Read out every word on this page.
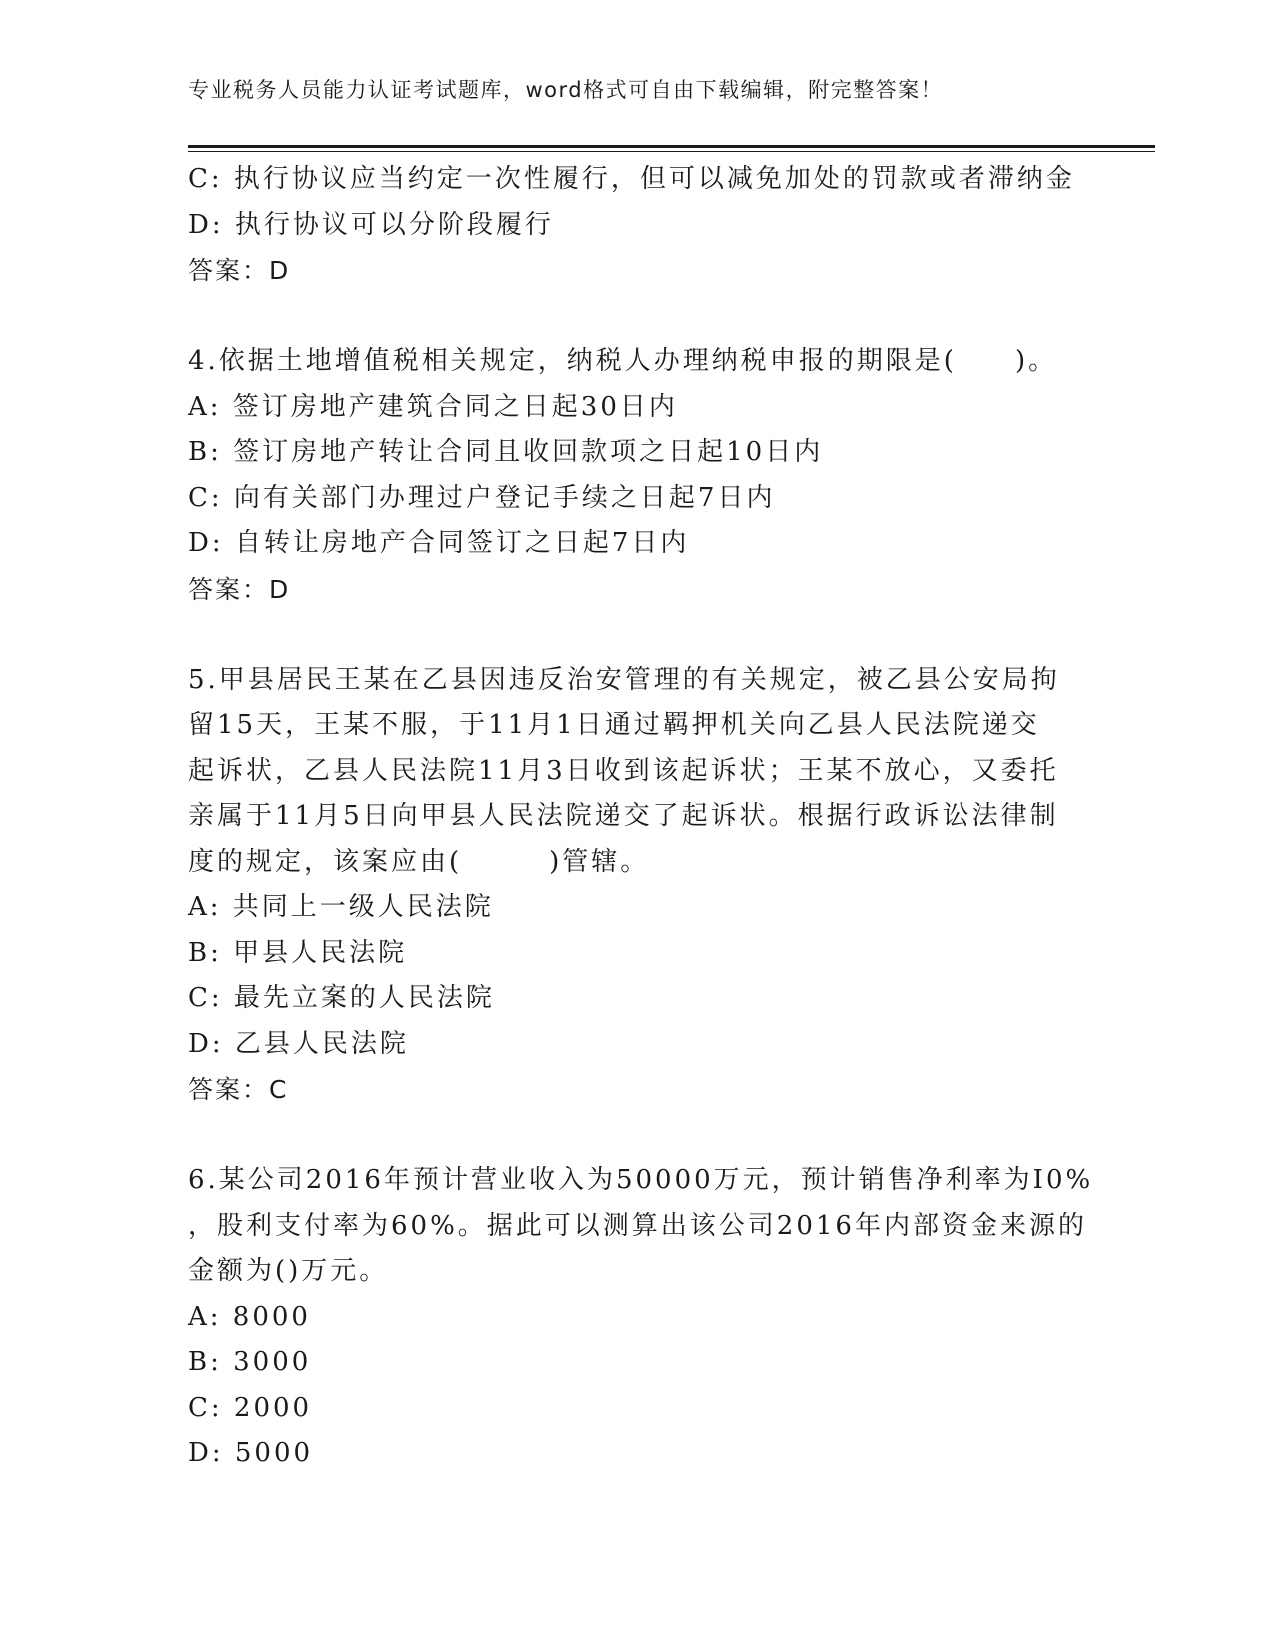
专业税务人员能力认证考试题库，word格式可自由下载编辑，附完整答案！
C: 执行协议应当约定一次性履行，但可以减免加处的罚款或者滞纳金
D: 执行协议可以分阶段履行
答案：D
4.依据土地增值税相关规定，纳税人办理纳税申报的期限是(　　)。
A: 签订房地产建筑合同之日起30日内
B: 签订房地产转让合同且收回款项之日起10日内
C: 向有关部门办理过户登记手续之日起7日内
D: 自转让房地产合同签订之日起7日内
答案：D
5.甲县居民王某在乙县因违反治安管理的有关规定，被乙县公安局拘
留15天，王某不服，于11月1日通过羁押机关向乙县人民法院递交
起诉状，乙县人民法院11月3日收到该起诉状；王某不放心，又委托
亲属于11月5日向甲县人民法院递交了起诉状。根据行政诉讼法律制
度的规定，该案应由(　　　)管辖。
A: 共同上一级人民法院
B: 甲县人民法院
C: 最先立案的人民法院
D: 乙县人民法院
答案：C
6.某公司2016年预计营业收入为50000万元，预计销售净利率为I0%
，股利支付率为60%。据此可以测算出该公司2016年内部资金来源的
金额为()万元。
A: 8000
B: 3000
C: 2000
D: 5000
